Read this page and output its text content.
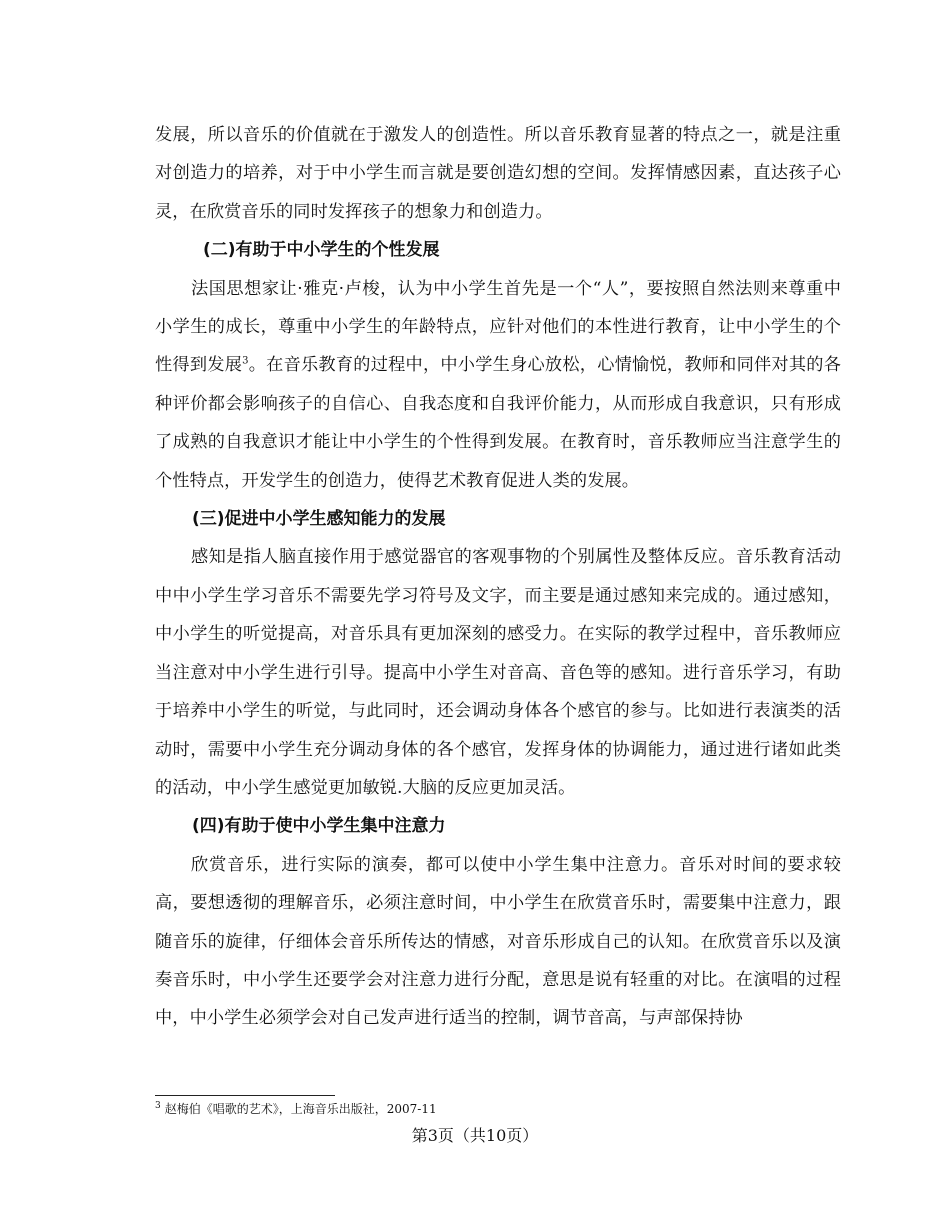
发展，所以音乐的价值就在于激发人的创造性。所以音乐教育显著的特点之一，就是注重对创造力的培养，对于中小学生而言就是要创造幻想的空间。发挥情感因素，直达孩子心灵，在欣赏音乐的同时发挥孩子的想象力和创造力。

(二)有助于中小学生的个性发展

法国思想家让·雅克·卢梭，认为中小学生首先是一个“人”，要按照自然法则来尊重中小学生的成长，尊重中小学生的年龄特点，应针对他们的本性进行教育，让中小学生的个性得到发展$^3$。在音乐教育的过程中，中小学生身心放松，心情愉悦，教师和同伴对其的各种评价都会影响孩子的自信心、自我态度和自我评价能力，从而形成自我意识，只有形成了成熟的自我意识才能让中小学生的个性得到发展。在教育时，音乐教师应当注意学生的个性特点，开发学生的创造力，使得艺术教育促进人类的发展。

(三)促进中小学生感知能力的发展

感知是指人脑直接作用于感觉器官的客观事物的个别属性及整体反应。音乐教育活动中中小学生学习音乐不需要先学习符号及文字，而主要是通过感知来完成的。通过感知，中小学生的听觉提高，对音乐具有更加深刻的感受力。在实际的教学过程中，音乐教师应当注意对中小学生进行引导。提高中小学生对音高、音色等的感知。进行音乐学习，有助于培养中小学生的听觉，与此同时，还会调动身体各个感官的参与。比如进行表演类的活动时，需要中小学生充分调动身体的各个感官，发挥身体的协调能力，通过进行诸如此类的活动，中小学生感觉更加敏锐.大脑的反应更加灵活。

(四)有助于使中小学生集中注意力

欣赏音乐，进行实际的演奏，都可以使中小学生集中注意力。音乐对时间的要求较高，要想透彻的理解音乐，必须注意时间，中小学生在欣赏音乐时，需要集中注意力，跟随音乐的旋律，仔细体会音乐所传达的情感，对音乐形成自己的认知。在欣赏音乐以及演奏音乐时，中小学生还要学会对注意力进行分配，意思是说有轻重的对比。在演唱的过程中，中小学生必须学会对自己发声进行适当的控制，调节音高，与声部保持协

$^3$ 赵梅伯《唱歌的艺术》，上海音乐出版社，2007-11
第3页（共10页）
